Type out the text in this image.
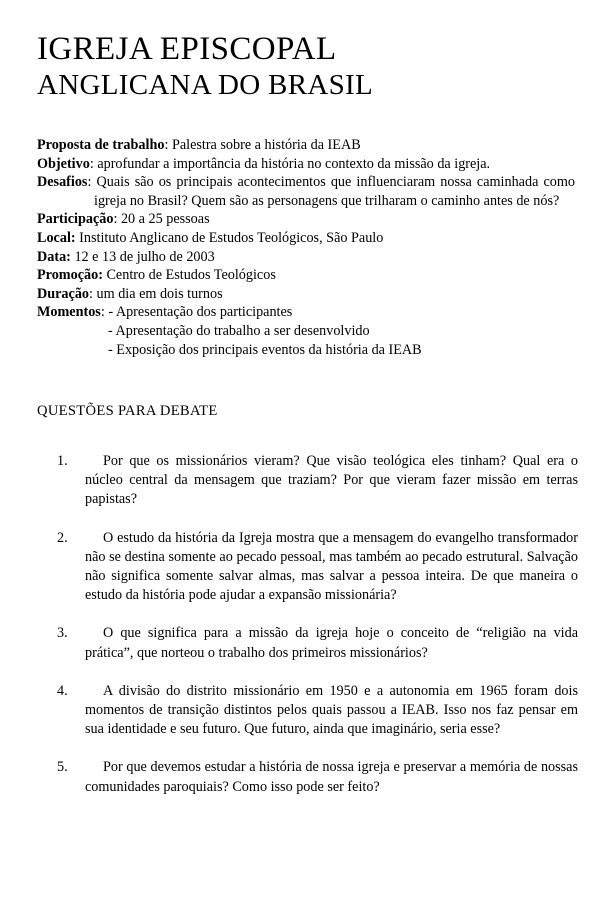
IGREJA EPISCOPAL
ANGLICANA DO BRASIL

Proposta de trabalho: Palestra sobre a história da IEAB

Objetivo: aprofundar a importância da história no contexto da missão da igreja.

Desafios: Quais são os principais acontecimentos que influenciaram nossa caminhada como igreja no Brasil? Quem são as personagens que trilharam o caminho antes de nós?

Participação: 20 a 25 pessoas

Local: Instituto Anglicano de Estudos Teológicos, São Paulo

Data: 12 e 13 de julho de 2003

Promoção: Centro de Estudos Teológicos

Duração: um dia em dois turnos

Momentos: - Apresentação dos participantes

- Apresentação do trabalho a ser desenvolvido

- Exposição dos principais eventos da história da IEAB

QUESTÕES PARA DEBATE
1.	Por que os missionários vieram? Que visão teológica eles tinham? Qual era o núcleo central da mensagem que traziam? Por que vieram fazer missão em terras papistas?
2.	O estudo da história da Igreja mostra que a mensagem do evangelho transformador não se destina somente ao pecado pessoal, mas também ao pecado estrutural. Salvação não significa somente salvar almas, mas salvar a pessoa inteira. De que maneira o estudo da história pode ajudar a expansão missionária?
3.	O que significa para a missão da igreja hoje o conceito de “religião na vida prática”, que norteou o trabalho dos primeiros missionários?
4.	A divisão do distrito missionário em 1950 e a autonomia em 1965 foram dois momentos de transição distintos pelos quais passou a IEAB. Isso nos faz pensar em sua identidade e seu futuro. Que futuro, ainda que imaginário, seria esse?
5.	Por que devemos estudar a história de nossa igreja e preservar a memória de nossas comunidades paroquiais? Como isso pode ser feito?
